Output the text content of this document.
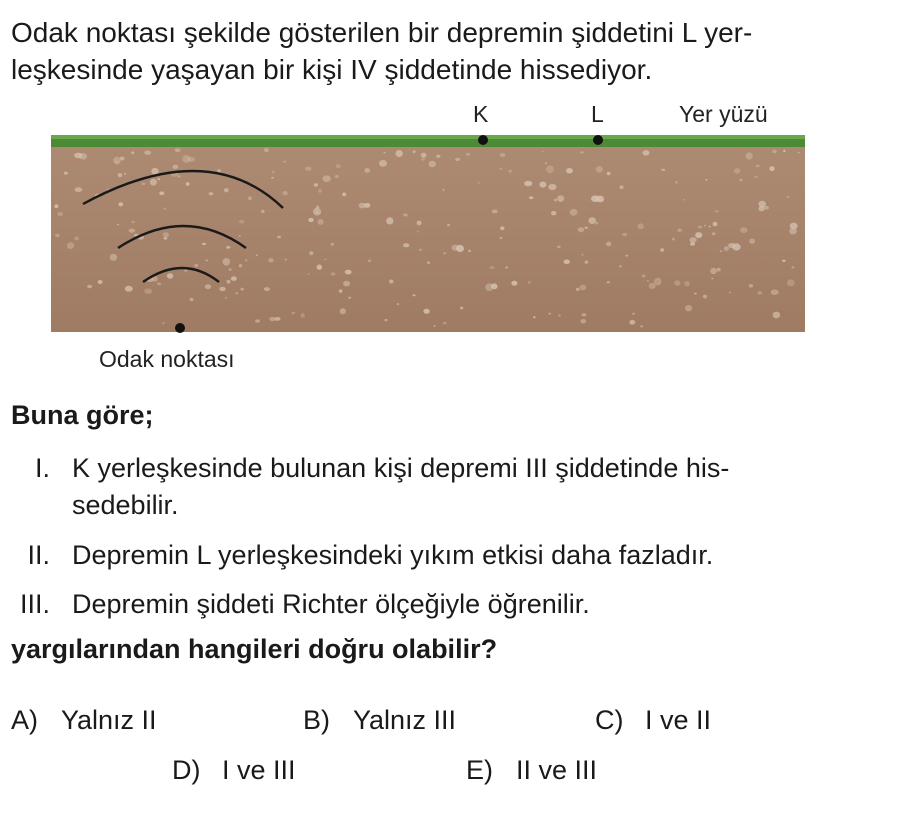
Odak noktası şekilde gösterilen bir depremin şiddetini L yer-
leşkesinde yaşayan bir kişi IV şiddetinde hissediyor.
K	L	Yer yüzü
Odak noktası
Buna göre;
I. K yerleşkesinde bulunan kişi depremi III şiddetinde his-
sedebilir.
II. Depremin L yerleşkesindeki yıkım etkisi daha fazladır.
III. Depremin şiddeti Richter ölçeğiyle öğrenilir.
yargılarından hangileri doğru olabilir?
A) Yalnız II	B) Yalnız III	C) I ve II
D) I ve III	E) II ve III
